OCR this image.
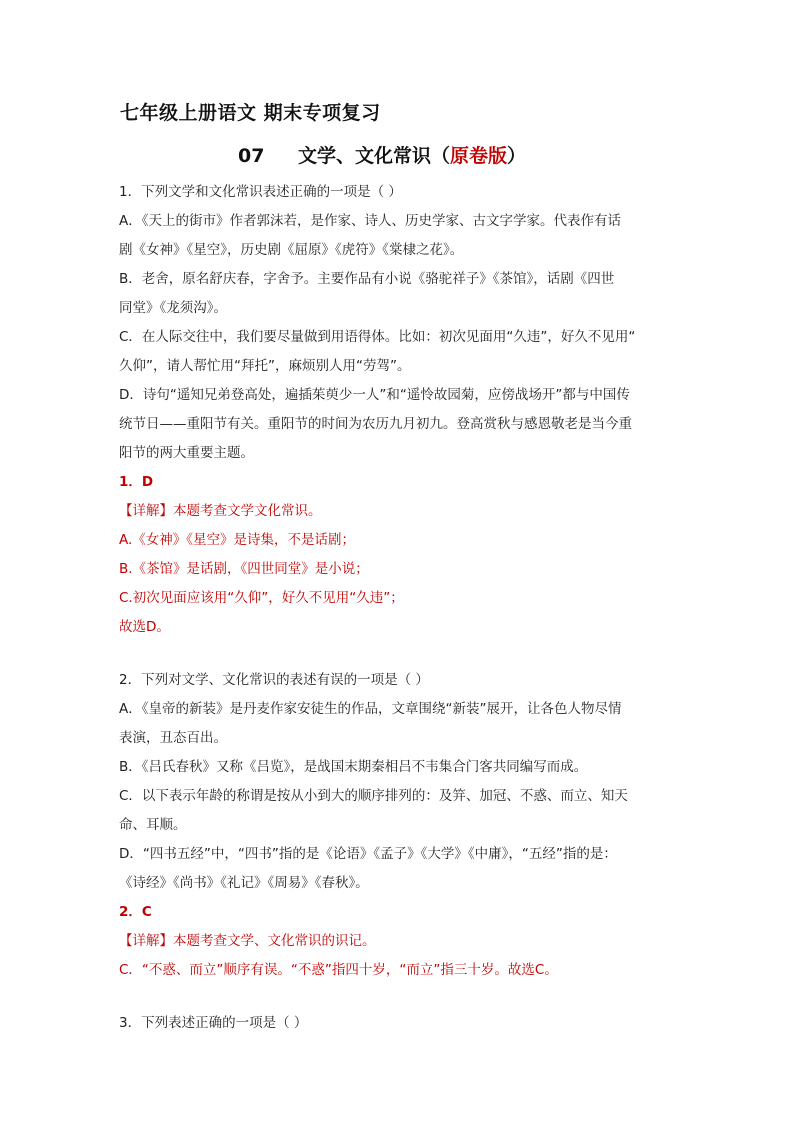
七年级上册语文 期末专项复习
07 文学、文化常识（原卷版）
1．下列文学和文化常识表述正确的一项是（ ）
A．《天上的街市》作者郭沫若，是作家、诗人、历史学家、古文字学家。代表作有话
剧《女神》《星空》，历史剧《屈原》《虎符》《棠棣之花》。
B．老舍，原名舒庆春，字舍予。主要作品有小说《骆驼祥子》《茶馆》，话剧《四世
同堂》《龙须沟》。
C．在人际交往中，我们要尽量做到用语得体。比如：初次见面用“久违”，好久不见用“
久仰”，请人帮忙用“拜托”，麻烦别人用“劳驾”。
D．诗句“遥知兄弟登高处，遍插茱萸少一人”和“遥怜故园菊，应傍战场开”都与中国传
统节日——重阳节有关。重阳节的时间为农历九月初九。登高赏秋与感恩敬老是当今重
阳节的两大重要主题。
1．D
【详解】本题考查文学文化常识。
A.《女神》《星空》是诗集，不是话剧；
B.《茶馆》是话剧，《四世同堂》是小说；
C.初次见面应该用“久仰”，好久不见用“久违”；
故选D。
2．下列对文学、文化常识的表述有误的一项是（ ）
A．《皇帝的新装》是丹麦作家安徒生的作品，文章围绕“新装”展开，让各色人物尽情
表演，丑态百出。
B．《吕氏春秋》又称《吕览》，是战国末期秦相吕不韦集合门客共同编写而成。
C．以下表示年龄的称谓是按从小到大的顺序排列的：及笄、加冠、不惑、而立、知天
命、耳顺。
D．“四书五经”中，“四书”指的是《论语》《孟子》《大学》《中庸》，“五经”指的是：
《诗经》《尚书》《礼记》《周易》《春秋》。
2．C
【详解】本题考查文学、文化常识的识记。
C．“不惑、而立”顺序有误。“不惑”指四十岁，“而立”指三十岁。故选C。
3．下列表述正确的一项是（ ）
